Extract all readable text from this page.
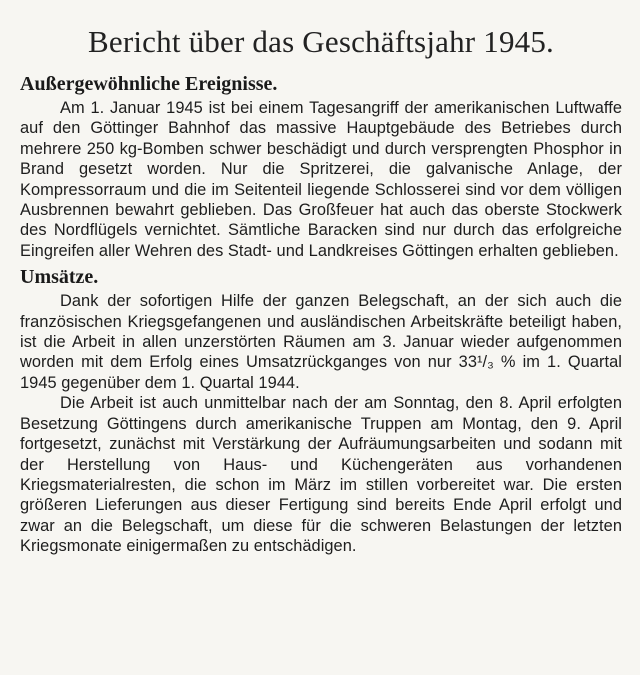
Bericht über das Geschäftsjahr 1945.
Außergewöhnliche Ereignisse.

Am 1. Januar 1945 ist bei einem Tagesangriff der amerikanischen Luftwaffe auf den Göttinger Bahnhof das massive Hauptgebäude des Betriebes durch mehrere 250 kg-Bomben schwer beschädigt und durch versprengten Phosphor in Brand gesetzt worden. Nur die Spritzerei, die galvanische Anlage, der Kompressorraum und die im Seitenteil liegende Schlosserei sind vor dem völligen Ausbrennen bewahrt geblieben. Das Großfeuer hat auch das oberste Stockwerk des Nordflügels vernichtet. Sämtliche Baracken sind nur durch das erfolgreiche Eingreifen aller Wehren des Stadt- und Landkreises Göttingen erhalten geblieben.

Umsätze.

Dank der sofortigen Hilfe der ganzen Belegschaft, an der sich auch die französischen Kriegsgefangenen und ausländischen Arbeitskräfte beteiligt haben, ist die Arbeit in allen unzerstörten Räumen am 3. Januar wieder aufgenommen worden mit dem Erfolg eines Umsatzrückganges von nur 33¹/₃ % im 1. Quartal 1945 gegenüber dem 1. Quartal 1944.

Die Arbeit ist auch unmittelbar nach der am Sonntag, den 8. April erfolgten Besetzung Göttingens durch amerikanische Truppen am Montag, den 9. April fortgesetzt, zunächst mit Verstärkung der Aufräumungsarbeiten und sodann mit der Herstellung von Haus- und Küchengeräten aus vorhandenen Kriegsmaterialresten, die schon im März im stillen vorbereitet war. Die ersten größeren Lieferungen aus dieser Fertigung sind bereits Ende April erfolgt und zwar an die Belegschaft, um diese für die schweren Belastungen der letzten Kriegsmonate einigermaßen zu entschädigen.
